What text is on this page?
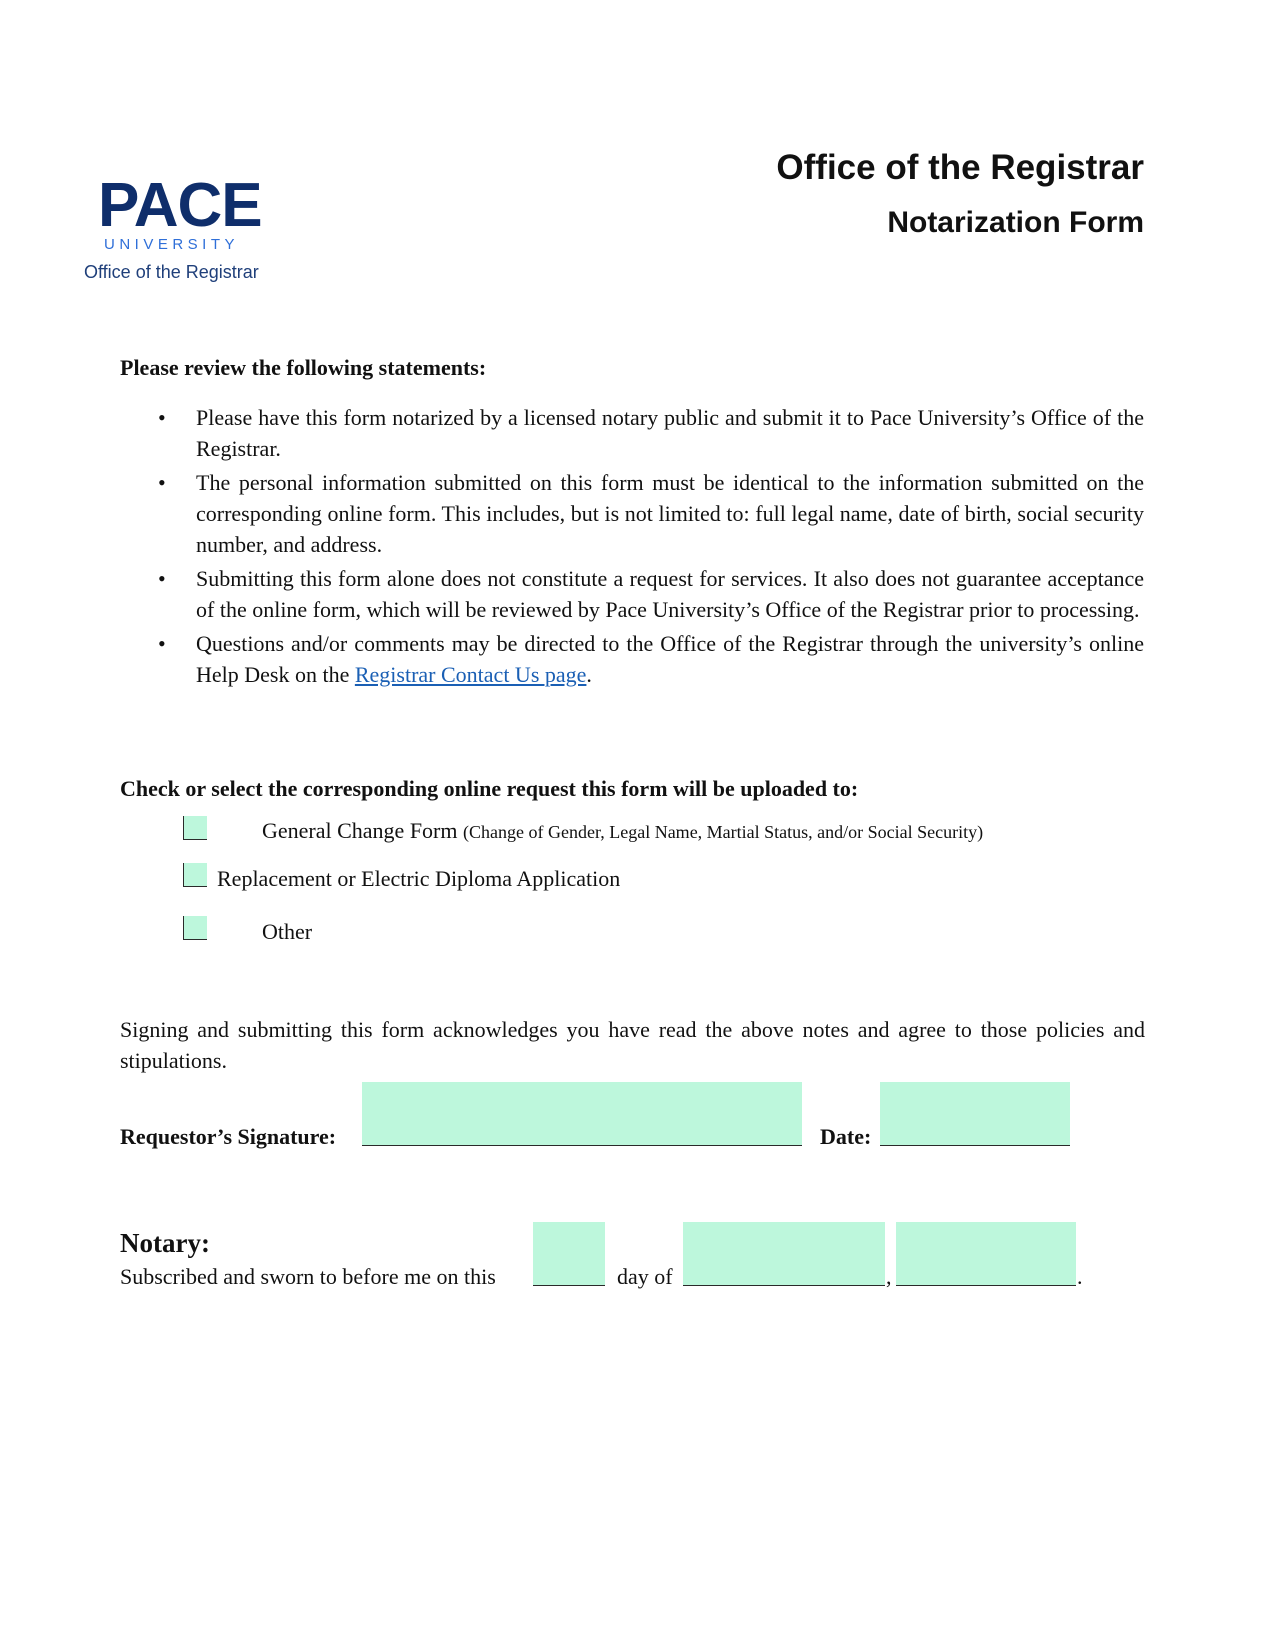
PACE
UNIVERSITY
Office of the Registrar
Office of the Registrar
Notarization Form
Please review the following statements:
• Please have this form notarized by a licensed notary public and submit it to Pace University’s Office of the Registrar.
• The personal information submitted on this form must be identical to the information submitted on the corresponding online form. This includes, but is not limited to: full legal name, date of birth, social security number, and address.
• Submitting this form alone does not constitute a request for services. It also does not guarantee acceptance of the online form, which will be reviewed by Pace University’s Office of the Registrar prior to processing.
• Questions and/or comments may be directed to the Office of the Registrar through the university’s online Help Desk on the Registrar Contact Us page.
Check or select the corresponding online request this form will be uploaded to:
General Change Form (Change of Gender, Legal Name, Martial Status, and/or Social Security)
Replacement or Electric Diploma Application
Other
Signing and submitting this form acknowledges you have read the above notes and agree to those policies and stipulations.
Requestor’s Signature:	Date:
Notary:
Subscribed and sworn to before me on this	day of	,	.
